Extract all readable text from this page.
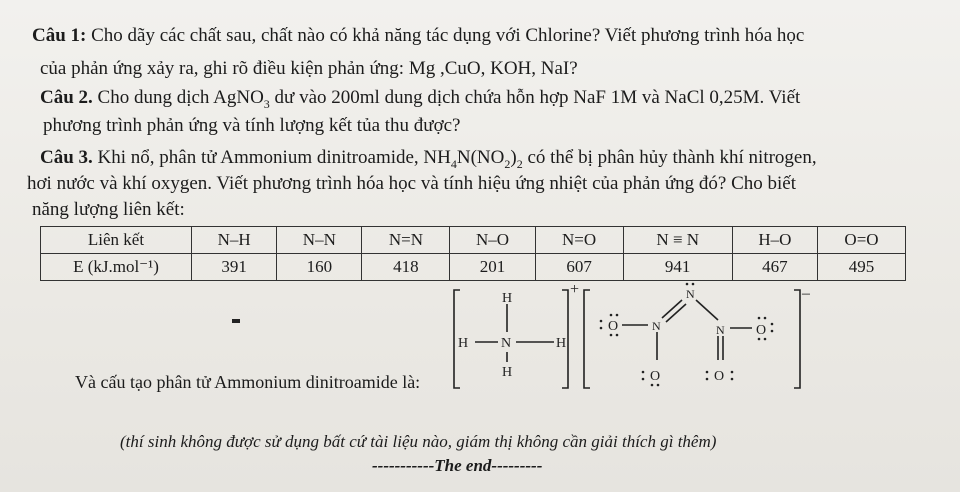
Câu 1: Cho dãy các chất sau, chất nào có khả năng tác dụng với Chlorine? Viết phương trình hóa học
của phản ứng xảy ra, ghi rõ điều kiện phản ứng: Mg ,CuO, KOH, NaI?
Câu 2. Cho dung dịch AgNO$_3$ dư vào 200ml dung dịch chứa hỗn hợp NaF 1M và NaCl 0,25M. Viết
phương trình phản ứng và tính lượng kết tủa thu được?
Câu 3. Khi nổ, phân tử Ammonium dinitroamide, $NH_4N(NO_2)_2$ có thể bị phân hủy thành khí nitrogen,
hơi nước và khí oxygen. Viết phương trình hóa học và tính hiệu ứng nhiệt của phản ứng đó? Cho biết
năng lượng liên kết:
Liên kết	N–H	N–N	N=N	N–O	N=O	N ≡ N	H–O	O=O
E (kJ.mol⁻¹)	391	160	418	201	607	941	467	495
Và cấu tạo phân tử Ammonium dinitroamide là:
H
H N	H
H
+
O	N
N
N O
O	O
–
(thí sinh không được sử dụng bất cứ tài liệu nào, giám thị không cần giải thích gì thêm)
-----------The end---------
